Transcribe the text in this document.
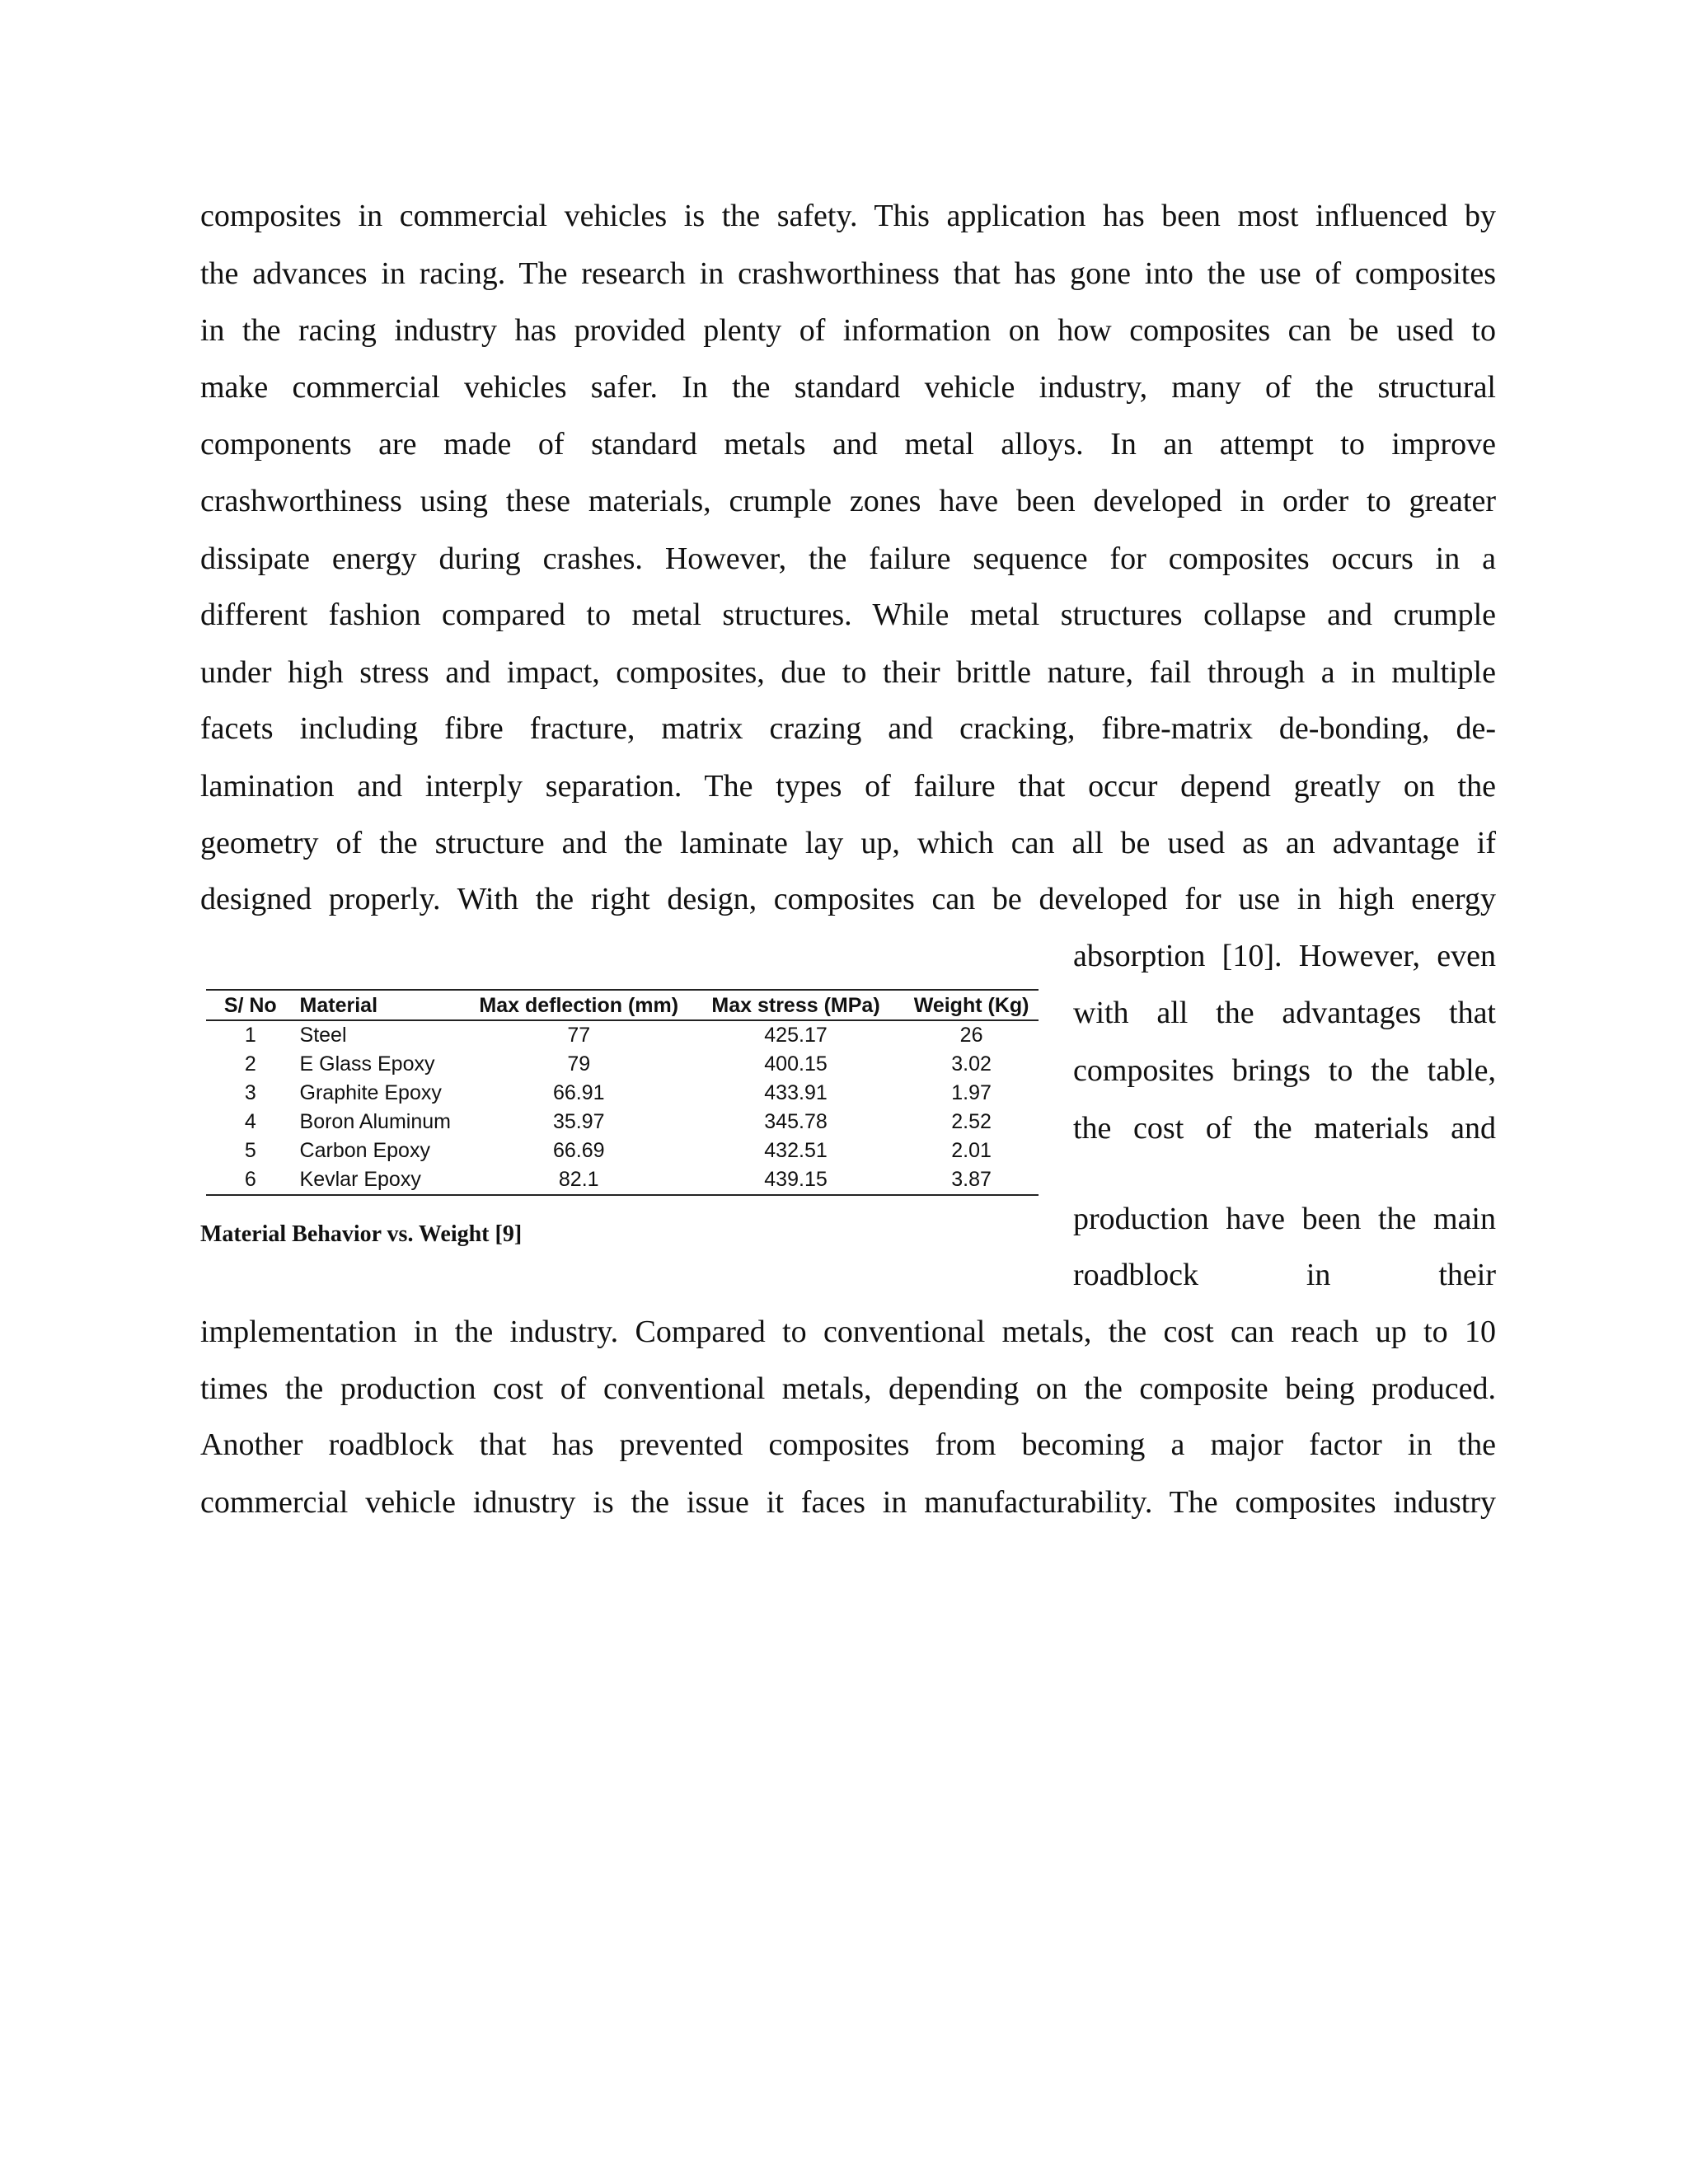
composites in commercial vehicles is the safety. This application has been most influenced by
the advances in racing. The research in crashworthiness that has gone into the use of composites
in the racing industry has provided plenty of information on how composites can be used to
make commercial vehicles safer. In the standard vehicle industry, many of the structural
components are made of standard metals and metal alloys. In an attempt to improve
crashworthiness using these materials, crumple zones have been developed in order to greater
dissipate energy during crashes. However, the failure sequence for composites occurs in a
different fashion compared to metal structures. While metal structures collapse and crumple
under high stress and impact, composites, due to their brittle nature, fail through a in multiple
facets including fibre fracture, matrix crazing and cracking, fibre-matrix de-bonding, de-
lamination and interply separation. The types of failure that occur depend greatly on the
geometry of the structure and the laminate lay up, which can all be used as an advantage if
designed properly. With the right design, composites can be developed for use in high energy
absorption [10]. However, even
with all the advantages that
composites brings to the table,
the cost of the materials and
production have been the main
roadblock in their
S/ No	Material	Max deflection (mm)	Max stress (MPa)	Weight (Kg)
1	Steel	77	425.17	26
2	E Glass Epoxy	79	400.15	3.02
3	Graphite Epoxy	66.91	433.91	1.97
4	Boron Aluminum	35.97	345.78	2.52
5	Carbon Epoxy	66.69	432.51	2.01
6	Kevlar Epoxy	82.1	439.15	3.87
Material Behavior vs. Weight [9]
implementation in the industry. Compared to conventional metals, the cost can reach up to 10
times the production cost of conventional metals, depending on the composite being produced.
Another roadblock that has prevented composites from becoming a major factor in the
commercial vehicle idnustry is the issue it faces in manufacturability. The composites industry
